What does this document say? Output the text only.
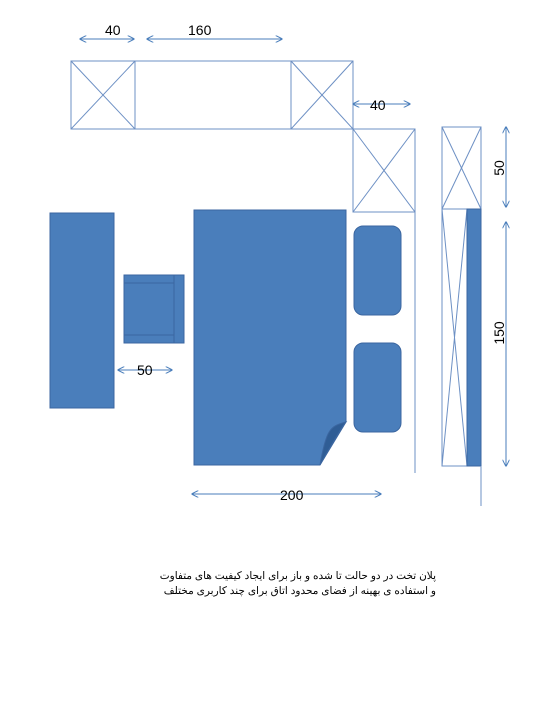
40	160
40
50
200
50
150
پلان تخت در دو حالت تا شده و باز برای ایجاد کیفیت های متفاوت
و استفاده ی بهینه از فضای محدود اتاق برای چند کاربری مختلف
